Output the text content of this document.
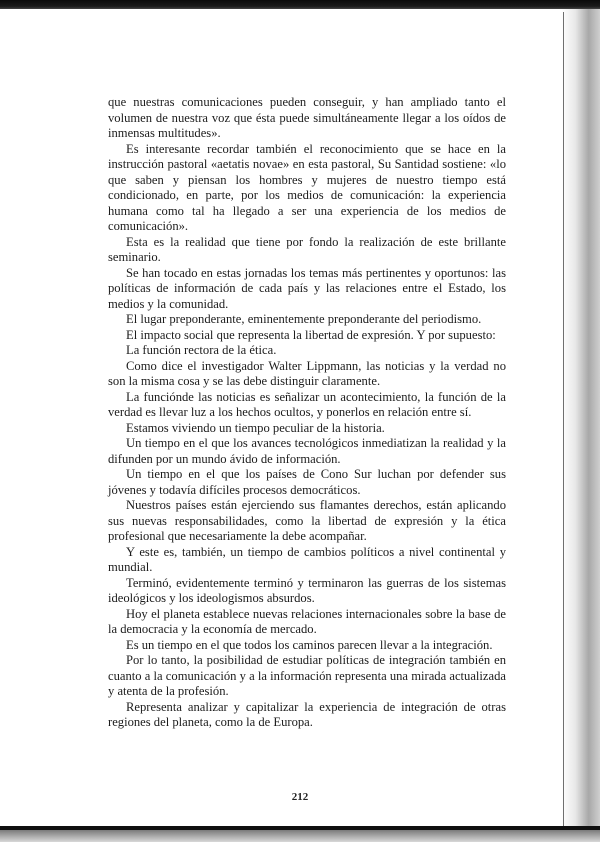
que nuestras comunicaciones pueden conseguir, y han ampliado tanto el volumen de nuestra voz que ésta puede simultáneamente llegar a los oídos de inmensas multitudes».

Es interesante recordar también el reconocimiento que se hace en la instrucción pastoral «aetatis novae» en esta pastoral, Su Santidad sostiene: «lo que saben y piensan los hombres y mujeres de nuestro tiempo está condicionado, en parte, por los medios de comunicación: la experiencia humana como tal ha llegado a ser una experiencia de los medios de comunicación».

Esta es la realidad que tiene por fondo la realización de este brillante seminario.

Se han tocado en estas jornadas los temas más pertinentes y oportunos: las políticas de información de cada país y las relaciones entre el Estado, los medios y la comunidad.

El lugar preponderante, eminentemente preponderante del periodismo.

El impacto social que representa la libertad de expresión. Y por supuesto:

La función rectora de la ética.

Como dice el investigador Walter Lippmann, las noticias y la verdad no son la misma cosa y se las debe distinguir claramente.

La funciónde las noticias es señalizar un acontecimiento, la función de la verdad es llevar luz a los hechos ocultos, y ponerlos en relación entre sí.

Estamos viviendo un tiempo peculiar de la historia.

Un tiempo en el que los avances tecnológicos inmediatizan la realidad y la difunden por un mundo ávido de información.

Un tiempo en el que los países de Cono Sur luchan por defender sus jóvenes y todavía difíciles procesos democráticos.

Nuestros países están ejerciendo sus flamantes derechos, están aplicando sus nuevas responsabilidades, como la libertad de expresión y la ética profesional que necesariamente la debe acompañar.

Y este es, también, un tiempo de cambios políticos a nivel continental y mundial.

Terminó, evidentemente terminó y terminaron las guerras de los sistemas ideológicos y los ideologismos absurdos.

Hoy el planeta establece nuevas relaciones internacionales sobre la base de la democracia y la economía de mercado.

Es un tiempo en el que todos los caminos parecen llevar a la integración.

Por lo tanto, la posibilidad de estudiar políticas de integración también en cuanto a la comunicación y a la información representa una mirada actualizada y atenta de la profesión.

Representa analizar y capitalizar la experiencia de integración de otras regiones del planeta, como la de Europa.

212
